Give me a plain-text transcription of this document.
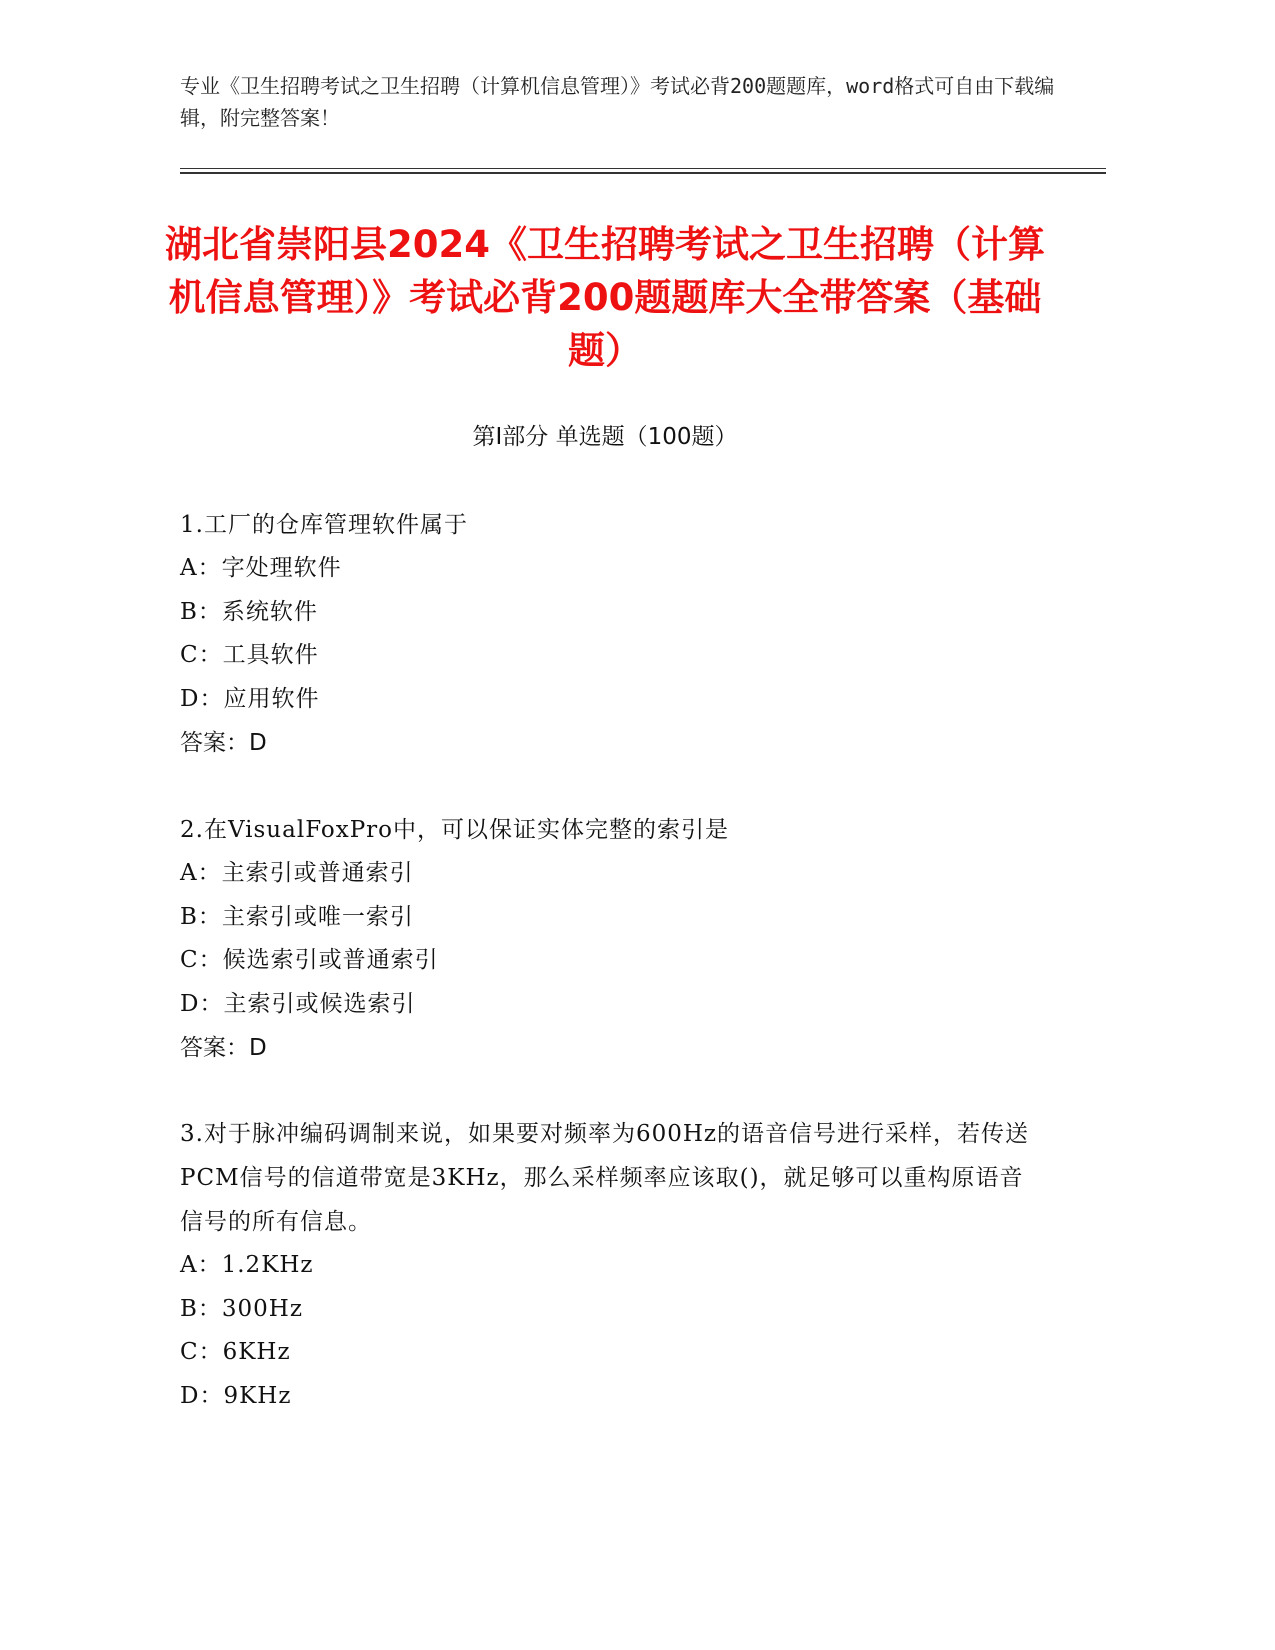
专业《卫生招聘考试之卫生招聘（计算机信息管理）》考试必背200题题库，word格式可自由下载编辑，附完整答案！
湖北省崇阳县2024《卫生招聘考试之卫生招聘（计算机信息管理）》考试必背200题题库大全带答案（基础题）
第Ⅰ部分 单选题（100题）
1.工厂的仓库管理软件属于
A：字处理软件
B：系统软件
C：工具软件
D：应用软件
答案：D
2.在VisualFoxPro中，可以保证实体完整的索引是
A：主索引或普通索引
B：主索引或唯一索引
C：候选索引或普通索引
D：主索引或候选索引
答案：D
3.对于脉冲编码调制来说，如果要对频率为600Hz的语音信号进行采样，若传送PCM信号的信道带宽是3KHz，那么采样频率应该取()，就足够可以重构原语音信号的所有信息。
A：1.2KHz
B：300Hz
C：6KHz
D：9KHz
